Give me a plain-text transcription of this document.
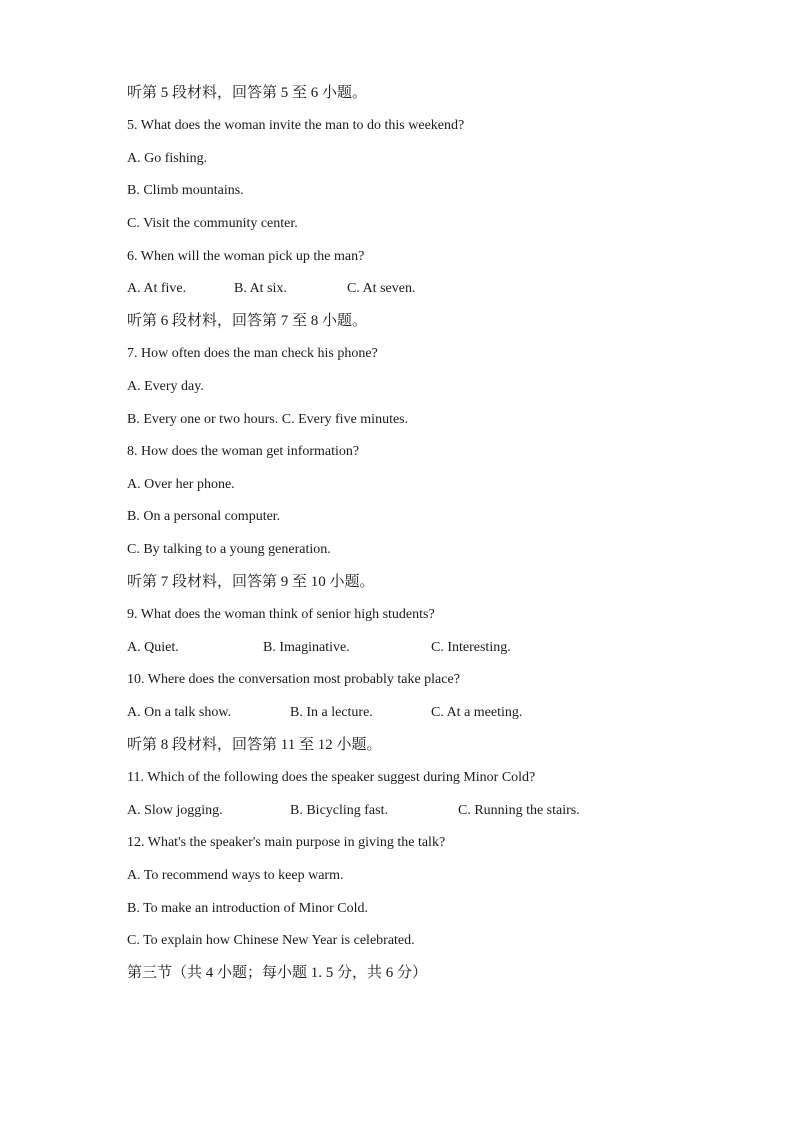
听第 5 段材料，回答第 5 至 6 小题。
5. What does the woman invite the man to do this weekend?
A. Go fishing.
B. Climb mountains.
C. Visit the community center.
6. When will the woman pick up the man?
A. At five.	B. At six.	C. At seven.
听第 6 段材料，回答第 7 至 8 小题。
7. How often does the man check his phone?
A. Every day.
B. Every one or two hours. C. Every five minutes.
8. How does the woman get information?
A. Over her phone.
B. On a personal computer.
C. By talking to a young generation.
听第 7 段材料，回答第 9 至 10 小题。
9. What does the woman think of senior high students?
A. Quiet.	B. Imaginative.	C. Interesting.
10. Where does the conversation most probably take place?
A. On a talk show.	B. In a lecture.	C. At a meeting.
听第 8 段材料，回答第 11 至 12 小题。
11. Which of the following does the speaker suggest during Minor Cold?
A. Slow jogging.	B. Bicycling fast.	C. Running the stairs.
12. What's the speaker's main purpose in giving the talk?
A. To recommend ways to keep warm.
B. To make an introduction of Minor Cold.
C. To explain how Chinese New Year is celebrated.
第三节（共 4 小题；每小题 1. 5 分，共 6 分）
